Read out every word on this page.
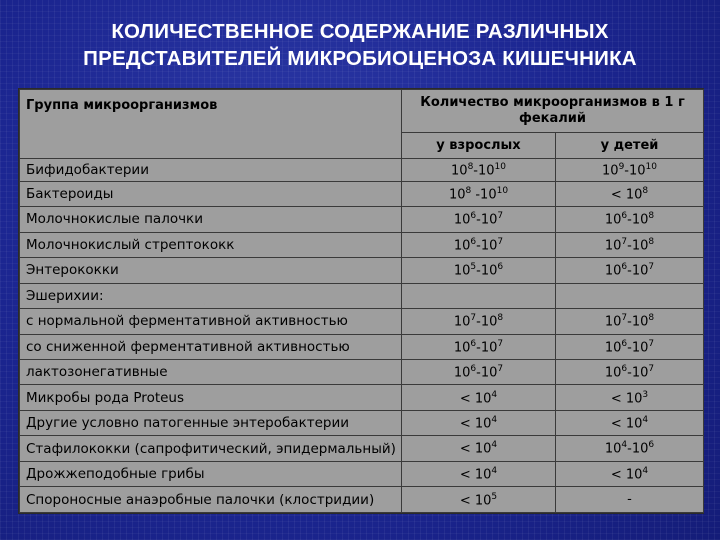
КОЛИЧЕСТВЕННОЕ СОДЕРЖАНИЕ РАЗЛИЧНЫХ
ПРЕДСТАВИТЕЛЕЙ МИКРОБИОЦЕНОЗА КИШЕЧНИКА
Группа микроорганизмов	Количество микроорганизмов в 1 г фекалий	
	у взрослых	у детей
Бифидобактерии	$10^8-10^{10}$	$10^9-10^{10}$
Бактероиды	$10^8$ $-10^{10}$	< $10^8$
Молочнокислые палочки	$10^6-10^7$	$10^6-10^8$
Молочнокислый стрептококк	$10^6-10^7$	$10^7-10^8$
Энтерококки	$10^5-10^6$	$10^6-10^7$
Эшерихии:		
с нормальной ферментативной активностью	$10^7-10^8$	$10^7-10^8$
со сниженной ферментативной активностью	$10^6-10^7$	$10^6-10^7$
лактозонегативные	$10^6-10^7$	$10^6-10^7$
Микробы рода Proteus	< $10^4$	< $10^3$
Другие условно патогенные энтеробактерии	< $10^4$	< $10^4$
Стафилококки (сапрофитический, эпидермальный)	< $10^4$	$10^4-10^6$
Дрожжеподобные грибы	< $10^4$	< $10^4$
Спороносные анаэробные палочки (клостридии)	< $10^5$	-
